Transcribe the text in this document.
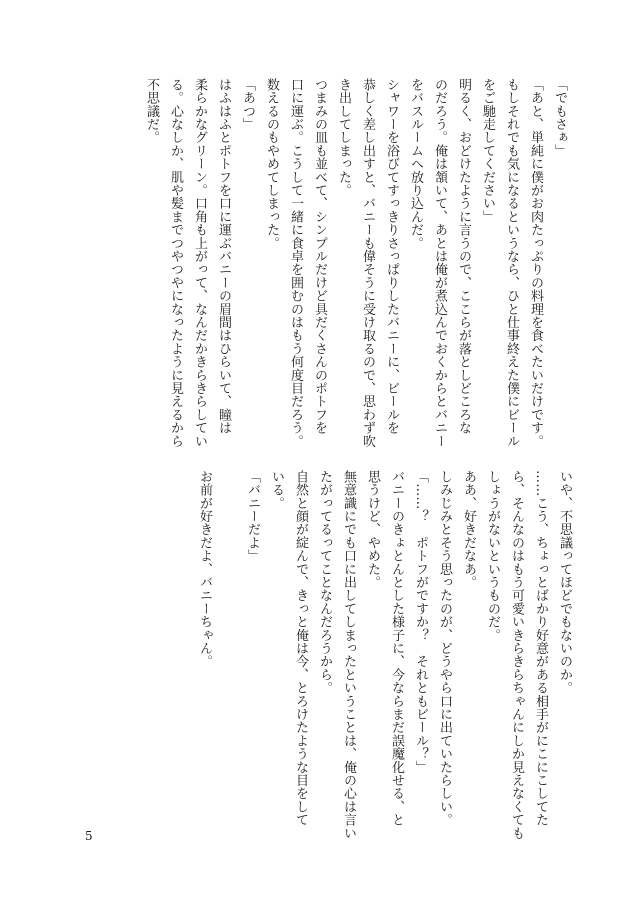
「でもさぁ」
「あと、単純に僕がお肉たっぷりの料理を食べたいだけです。
もしそれでも気になるというなら、ひと仕事終えた僕にビール
をご馳走してください」
明るく、おどけたように言うので、ここらが落としどころな
のだろう。俺は頷いて、あとは俺が煮込んでおくからとバニー
をバスルームへ放り込んだ。
シャワーを浴びてすっきりさっぱりしたバニーに、ビールを
恭しく差し出すと、バニーも偉そうに受け取るので、思わず吹
き出してしまった。
つまみの皿も並べて、シンプルだけど具だくさんのポトフを
口に運ぶ。こうして一緒に食卓を囲むのはもう何度目だろう。
数えるのもやめてしまった。
「あつ」
はふはふとポトフを口に運ぶバニーの眉間はひらいて、瞳は
柔らかなグリーン。口角も上がって、なんだかきらきらしてい
る。心なしか、肌や髪までつやつやになったように見えるから
不思議だ。
いや、不思議ってほどでもないのか。
……こう、ちょっとばかり好意がある相手がにこにこしてた
ら、そんなのはもう可愛いきらきらちゃんにしか見えなくても
しょうがないというものだ。
ああ、好きだなあ。
しみじみとそう思ったのが、どうやら口に出ていたらしい。
「……？　ポトフがですか？　それともビール？」
バニーのきょとんとした様子に、今ならまだ誤魔化せる、と
思うけど、やめた。
無意識にでも口に出してしまったということは、俺の心は言い
たがってるってことなんだろうから。
自然と顔が綻んで、きっと俺は今、とろけたような目をして
いる。
「バニーだよ」

お前が好きだよ、バニーちゃん。
5
